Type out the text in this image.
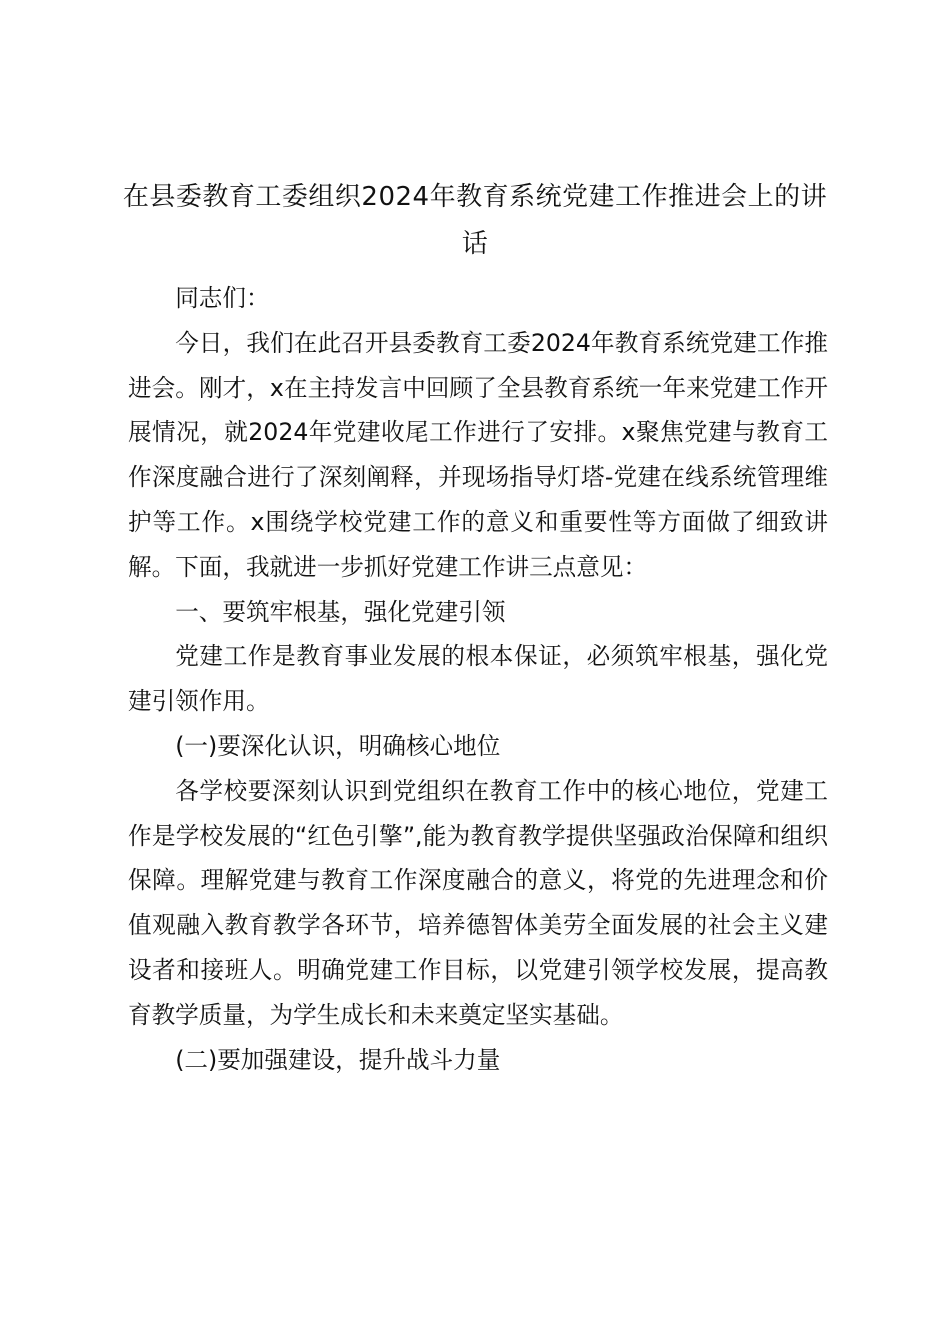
在县委教育工委组织2024年教育系统党建工作推进会上的讲话

同志们：

今日，我们在此召开县委教育工委2024年教育系统党建工作推进会。刚才，x在主持发言中回顾了全县教育系统一年来党建工作开展情况，就2024年党建收尾工作进行了安排。x聚焦党建与教育工作深度融合进行了深刻阐释，并现场指导灯塔-党建在线系统管理维护等工作。x围绕学校党建工作的意义和重要性等方面做了细致讲解。下面，我就进一步抓好党建工作讲三点意见：

一、要筑牢根基，强化党建引领

党建工作是教育事业发展的根本保证，必须筑牢根基，强化党建引领作用。

(一)要深化认识，明确核心地位

各学校要深刻认识到党组织在教育工作中的核心地位，党建工作是学校发展的“红色引擎”,能为教育教学提供坚强政治保障和组织保障。理解党建与教育工作深度融合的意义，将党的先进理念和价值观融入教育教学各环节，培养德智体美劳全面发展的社会主义建设者和接班人。明确党建工作目标，以党建引领学校发展，提高教育教学质量，为学生成长和未来奠定坚实基础。

(二)要加强建设，提升战斗力量
